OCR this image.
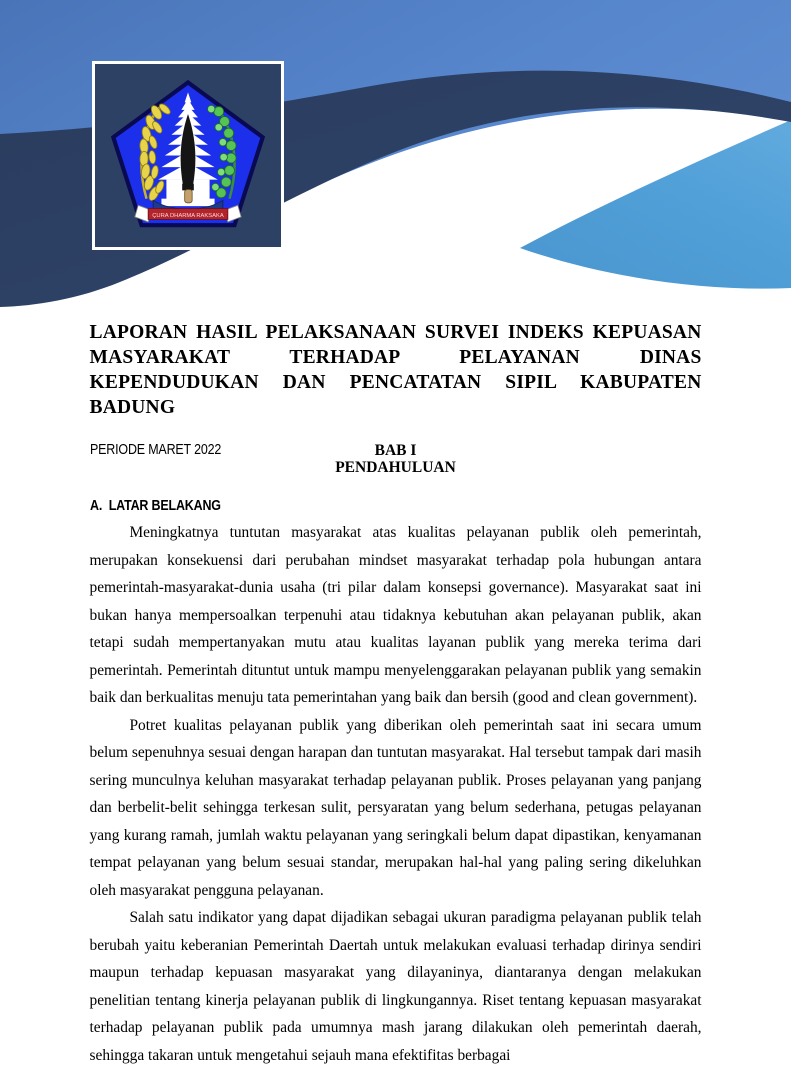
ÇURA DHARMA RAKSAKA
LAPORAN HASIL PELAKSANAAN SURVEI INDEKS KEPUASAN MASYARAKAT TERHADAP PELAYANAN DINAS KEPENDUDUKAN DAN PENCATATAN SIPIL KABUPATEN BADUNG
PERIODE MARET 2022	BAB I
PENDAHULUAN
A.  LATAR BELAKANG

Meningkatnya tuntutan masyarakat atas kualitas pelayanan publik oleh pemerintah, merupakan konsekuensi dari perubahan mindset masyarakat terhadap pola hubungan antara pemerintah-masyarakat-dunia usaha (tri pilar dalam konsepsi governance). Masyarakat saat ini bukan hanya mempersoalkan terpenuhi atau tidaknya kebutuhan akan pelayanan publik, akan tetapi sudah mempertanyakan mutu atau kualitas layanan publik yang mereka terima dari pemerintah. Pemerintah dituntut untuk mampu menyelenggarakan pelayanan publik yang semakin baik dan berkualitas menuju tata pemerintahan yang baik dan bersih (good and clean government).

Potret kualitas pelayanan publik yang diberikan oleh pemerintah saat ini secara umum belum sepenuhnya sesuai dengan harapan dan tuntutan masyarakat. Hal tersebut tampak dari masih sering munculnya keluhan masyarakat terhadap pelayanan publik. Proses pelayanan yang panjang dan berbelit-belit sehingga terkesan sulit, persyaratan yang belum sederhana, petugas pelayanan yang kurang ramah, jumlah waktu pelayanan yang seringkali belum dapat dipastikan, kenyamanan tempat pelayanan yang belum sesuai standar, merupakan hal-hal yang paling sering dikeluhkan oleh masyarakat pengguna pelayanan.

Salah satu indikator yang dapat dijadikan sebagai ukuran paradigma pelayanan publik telah berubah yaitu keberanian Pemerintah Daertah untuk melakukan evaluasi terhadap dirinya sendiri maupun terhadap kepuasan masyarakat yang dilayaninya, diantaranya dengan melakukan penelitian tentang kinerja pelayanan publik di lingkungannya. Riset tentang kepuasan masyarakat terhadap pelayanan publik pada umumnya mash jarang dilakukan oleh pemerintah daerah, sehingga takaran untuk mengetahui sejauh mana efektifitas berbagai
